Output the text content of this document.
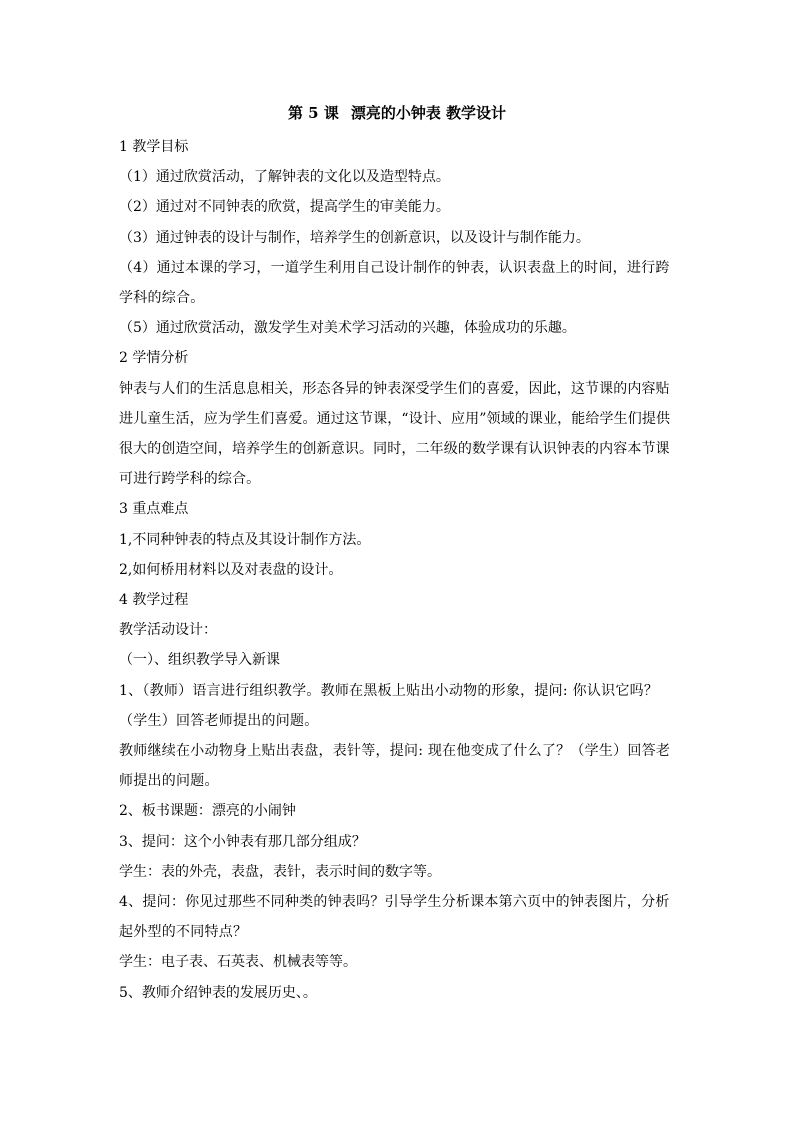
第 5 课 漂亮的小钟表 教学设计

1 教学目标

（1）通过欣赏活动，了解钟表的文化以及造型特点。

（2）通过对不同钟表的欣赏，提高学生的审美能力。

（3）通过钟表的设计与制作，培养学生的创新意识，以及设计与制作能力。

（4）通过本课的学习，一道学生利用自己设计制作的钟表，认识表盘上的时间，进行跨学科的综合。

（5）通过欣赏活动，激发学生对美术学习活动的兴趣，体验成功的乐趣。

2 学情分析

钟表与人们的生活息息相关，形态各异的钟表深受学生们的喜爱，因此，这节课的内容贴进儿童生活，应为学生们喜爱。通过这节课，“设计、应用”领域的课业，能给学生们提供很大的创造空间，培养学生的创新意识。同时，二年级的数学课有认识钟表的内容本节课可进行跨学科的综合。

3 重点难点

1,不同种钟表的特点及其设计制作方法。

2,如何桥用材料以及对表盘的设计。

4 教学过程

教学活动设计：

（一）、组织教学导入新课

1、（教师）语言进行组织教学。教师在黑板上贴出小动物的形象，提问: 你认识它吗？（学生）回答老师提出的问题。

教师继续在小动物身上贴出表盘，表针等，提问: 现在他变成了什么了？（学生）回答老师提出的问题。

2、板书课题：漂亮的小闹钟

3、提问：这个小钟表有那几部分组成？

学生：表的外壳，表盘，表针，表示时间的数字等。

4、提问：你见过那些不同种类的钟表吗？引导学生分析课本第六页中的钟表图片，分析起外型的不同特点？

学生：电子表、石英表、机械表等等。

5、教师介绍钟表的发展历史、。
